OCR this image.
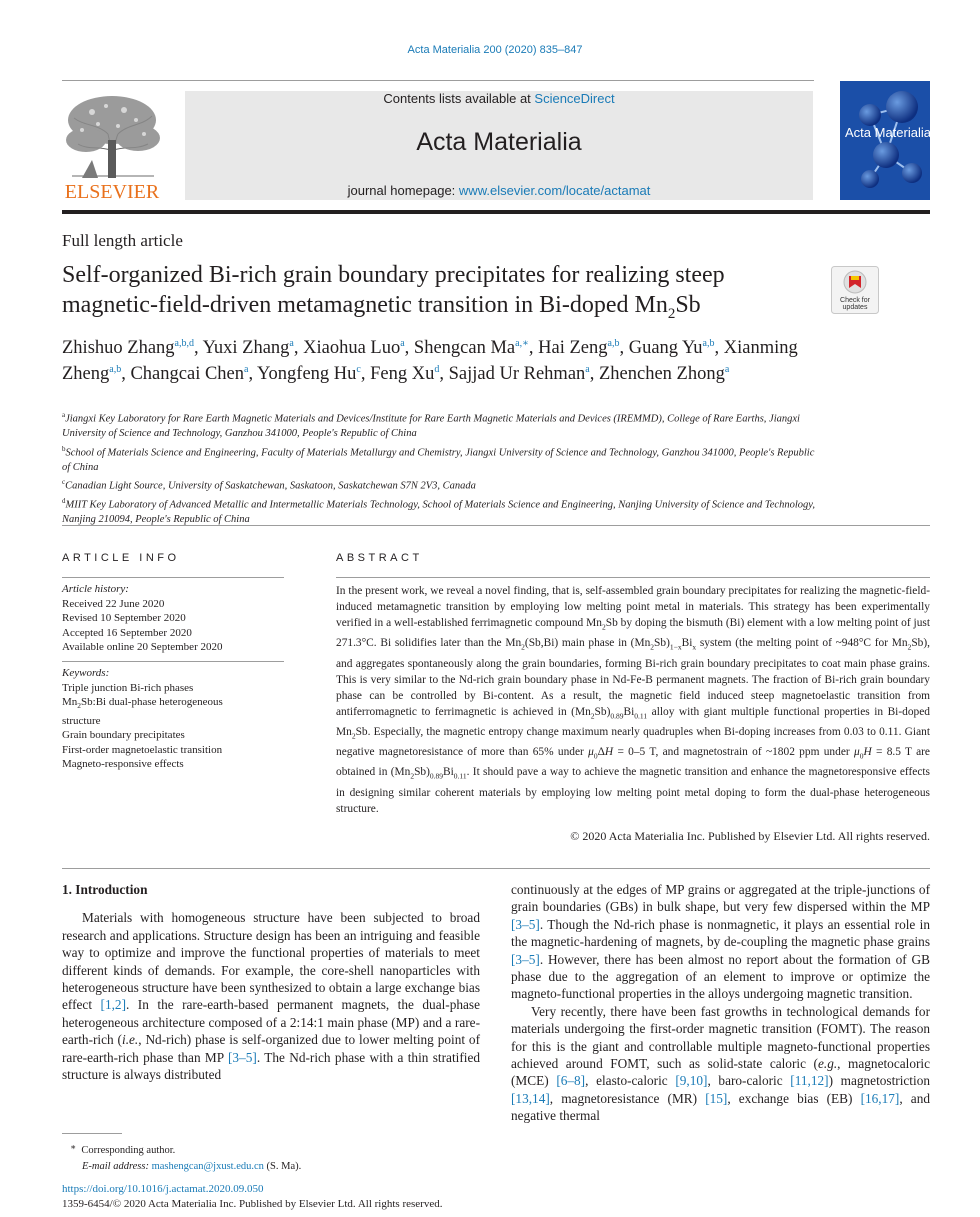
Acta Materialia 200 (2020) 835–847
ELSEVIER
Contents lists available at ScienceDirect
Acta Materialia
journal homepage: www.elsevier.com/locate/actamat
Acta Materialia
Full length article
Self-organized Bi-rich grain boundary precipitates for realizing steep magnetic-field-driven metamagnetic transition in Bi-doped $Mn_2Sb$	Check for
updates
Zhishuo Zhang$^{a,b,d}$, Yuxi Zhang$^a$, Xiaohua Luo$^a$, Shengcan $Ma^{a,∗}$, Hai Zeng$^{a,b}$, Guang Yu$^{a,b}$, Xianming Zheng$^{a,b}$, Changcai Chen$^a$, Yongfeng Hu$^c$, Feng Xu$^d$, Sajjad Ur Rehman$^a$, Zhenchen Zhong$^a$

$^a$Jiangxi Key Laboratory for Rare Earth Magnetic Materials and Devices/Institute for Rare Earth Magnetic Materials and Devices (IREMMD), College of Rare Earths, Jiangxi University of Science and Technology, Ganzhou 341000, People's Republic of China

$^b$School of Materials Science and Engineering, Faculty of Materials Metallurgy and Chemistry, Jiangxi University of Science and Technology, Ganzhou 341000, People's Republic of China

$^c$Canadian Light Source, University of Saskatchewan, Saskatoon, Saskatchewan S7N 2V3, Canada

$^d$MIIT Key Laboratory of Advanced Metallic and Intermetallic Materials Technology, School of Materials Science and Engineering, Nanjing University of Science and Technology, Nanjing 210094, People's Republic of China

ARTICLE INFO
Article history:
Received 22 June 2020
Revised 10 September 2020
Accepted 16 September 2020
Available online 20 September 2020
Keywords:
Triple junction Bi-rich phases
$Mn_2Sb:Bi$ dual-phase heterogeneous
structure
Grain boundary precipitates
First-order magnetoelastic transition
Magneto-responsive effects
ABSTRACT
In the present work, we reveal a novel finding, that is, self-assembled grain boundary precipitates for realizing the magnetic-field-induced metamagnetic transition by employing low melting point metal in materials. This strategy has been experimentally verified in a well-established ferrimagnetic compound $Mn_2Sb$ by doping the bismuth (Bi) element with a low melting point of just 271.3°C. Bi solidifies later than the $Mn_2(Sb,Bi)$ main phase in $(Mn_2Sb)_{1-x}Bi_x$ system (the melting point of ~948°C for $Mn_2Sb$), and aggregates spontaneously along the grain boundaries, forming Bi-rich grain boundary precipitates to coat main phase grains. This is very similar to the Nd-rich grain boundary phase in Nd-Fe-B permanent magnets. The fraction of Bi-rich grain boundary phase can be controlled by Bi-content. As a result, the magnetic field induced steep magnetoelastic transition from antiferromagnetic to ferrimagnetic is achieved in $(Mn_2Sb)_{0.89}Bi_{0.11}$ alloy with giant multiple functional properties in Bi-doped $Mn_2Sb$. Especially, the magnetic entropy change maximum nearly quadruples when Bi-doping increases from 0.03 to 0.11. Giant negative magnetoresistance of more than 65% under $\mu_0\Delta H = 0-5$ T, and magnetostrain of ~1802 ppm under $\mu_0H = 8.5$ T are obtained in $(Mn_2Sb)_{0.89}Bi_{0.11}$. It should pave a way to achieve the magnetic transition and enhance the magnetoresponsive effects in designing similar coherent materials by employing low melting point metal doping to form the dual-phase heterogeneous structure.
© 2020 Acta Materialia Inc. Published by Elsevier Ltd. All rights reserved.

1. Introduction

Materials with homogeneous structure have been subjected to broad research and applications. Structure design has been an intriguing and feasible way to optimize and improve the functional properties of materials to meet different kinds of demands. For example, the core-shell nanoparticles with heterogeneous structure have been synthesized to obtain a large exchange bias effect [1,2]. In the rare-earth-based permanent magnets, the dual-phase heterogeneous architecture composed of a 2:14:1 main phase (MP) and a rare-earth-rich (i.e., Nd-rich) phase is self-organized due to lower melting point of rare-earth-rich phase than MP [3–5]. The Nd-rich phase with a thin stratified structure is always distributed

continuously at the edges of MP grains or aggregated at the triple-junctions of grain boundaries (GBs) in bulk shape, but very few dispersed within the MP [3–5]. Though the Nd-rich phase is nonmagnetic, it plays an essential role in the magnetic-hardening of magnets, by de-coupling the magnetic phase grains [3–5]. However, there has been almost no report about the formation of GB phase due to the aggregation of an element to improve or optimize the magneto-functional properties in the alloys undergoing magnetic transition.

Very recently, there have been fast growths in technological demands for materials undergoing the first-order magnetic transition (FOMT). The reason for this is the giant and controllable multiple magneto-functional properties achieved around FOMT, such as solid-state caloric (e.g., magnetocaloric (MCE) [6–8], elasto-caloric [9,10], baro-caloric [11,12]) magnetostriction [13,14], magnetoresistance (MR) [15], exchange bias (EB) [16,17], and negative thermal

∗ Corresponding author.
E-mail address: mashengcan@jxust.edu.cn (S. Ma).
https://doi.org/10.1016/j.actamat.2020.09.050
1359-6454/© 2020 Acta Materialia Inc. Published by Elsevier Ltd. All rights reserved.
